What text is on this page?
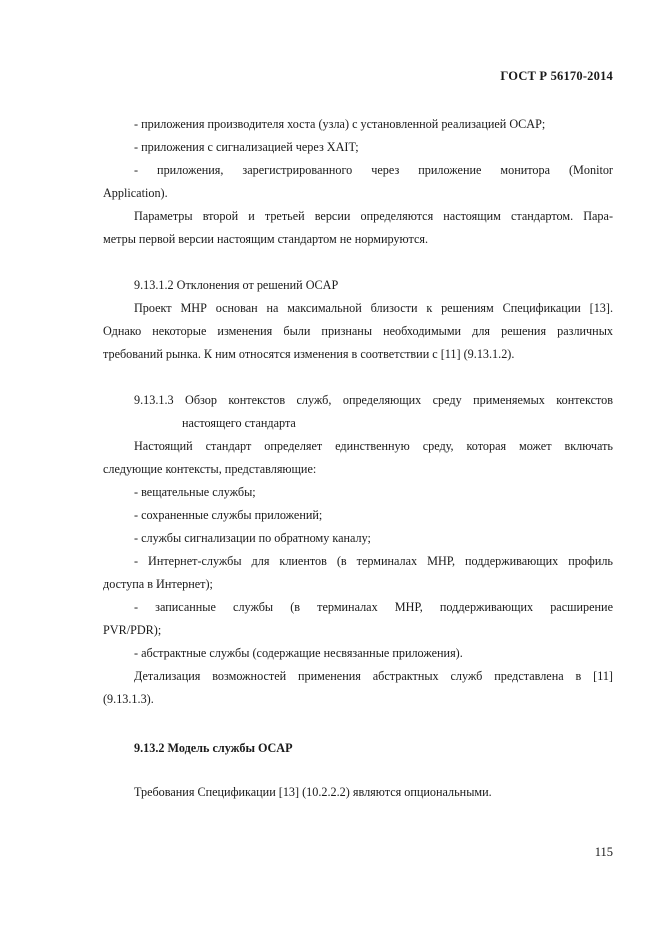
ГОСТ Р 56170-2014
- приложения производителя хоста (узла) с установленной реализацией OCAP;
- приложения с сигнализацией через XAIT;
- приложения, зарегистрированного через приложение монитора (Monitor
Application).
Параметры второй и третьей версии определяются настоящим стандартом. Пара-
метры первой версии настоящим стандартом не нормируются.
9.13.1.2 Отклонения от решений OCAP
Проект МНР основан на максимальной близости к решениям Спецификации [13].
Однако некоторые изменения были признаны необходимыми для решения различных
требований рынка. К ним относятся изменения в соответствии с [11] (9.13.1.2).
9.13.1.3 Обзор контекстов служб, определяющих среду применяемых контекстов
настоящего стандарта
Настоящий стандарт определяет единственную среду, которая может включать
следующие контексты, представляющие:
- вещательные службы;
- сохраненные службы приложений;
- службы сигнализации по обратному каналу;
- Интернет-службы для клиентов (в терминалах МНР, поддерживающих профиль
доступа в Интернет);
- записанные службы (в терминалах МНР, поддерживающих расширение
PVR/PDR);
- абстрактные службы (содержащие несвязанные приложения).
Детализация возможностей применения абстрактных служб представлена в [11]
(9.13.1.3).
9.13.2 Модель службы OCAP
Требования Спецификации [13] (10.2.2.2) являются опциональными.
115
